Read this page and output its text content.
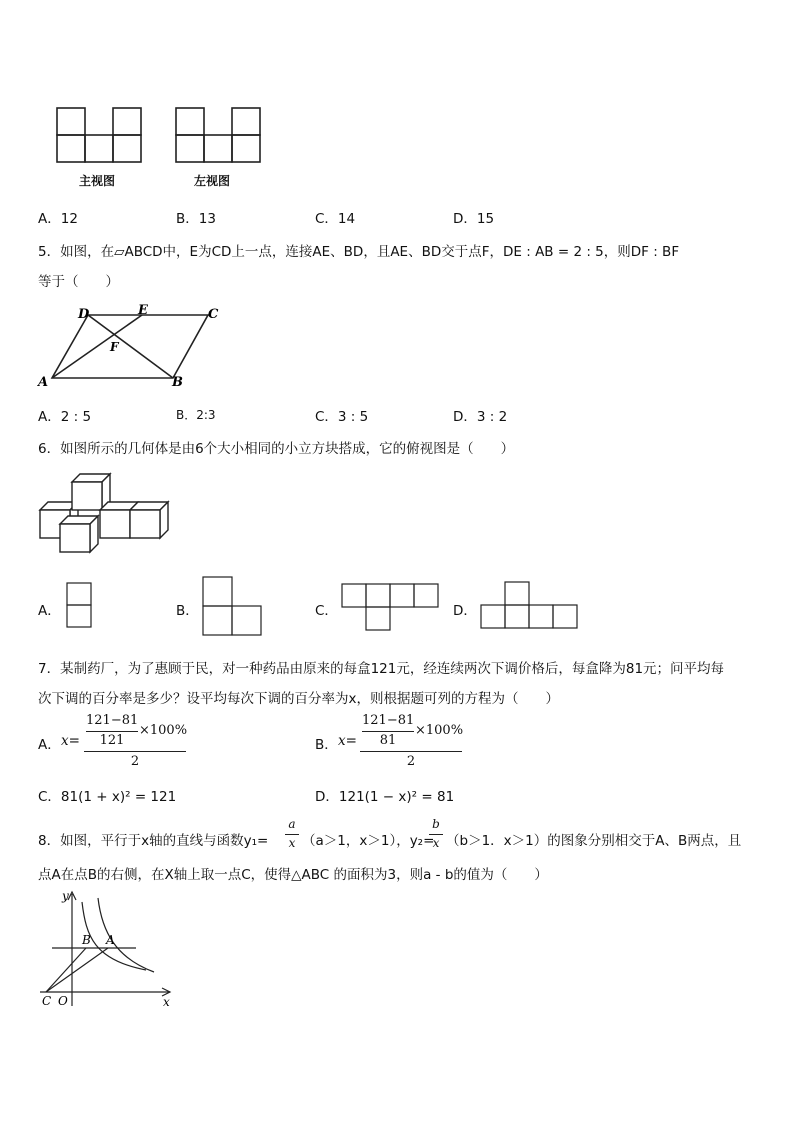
主视图	左视图
A．12	B．13	C．14	D．15
5．如图，在▱ABCD中，E为CD上一点，连接AE、BD，且AE、BD交于点F，DE : AB = 2 : 5，则DF : BF
等于（　　）
D	E	C
F
A	B
A．2 : 5	B．2:3	C．3 : 5	D．3 : 2
6．如图所示的几何体是由6个大小相同的小立方块搭成，它的俯视图是（　　）
A．	B．	C．	D．
7．某制药厂，为了惠顾于民，对一种药品由原来的每盒121元，经连续两次下调价格后，每盒降为81元；问平均每
次下调的百分率是多少？设平均每次下调的百分率为x，则根据题可列的方程为（　　）
A． x=
121−81
121
×100%
2
B． x=
121−81
81
×100%
2
C．81(1 + x)² = 121	D．121(1 − x)² = 81
8．如图，平行于x轴的直线与函数y₁=
a
x （a＞1，x＞1），y₂=
b
x （b＞1．x＞1）的图象分别相交于A、B两点，且
点A在点B的右侧，在X轴上取一点C，使得△ABC 的面积为3，则a - b的值为（　　）
y
x
B A
C O
